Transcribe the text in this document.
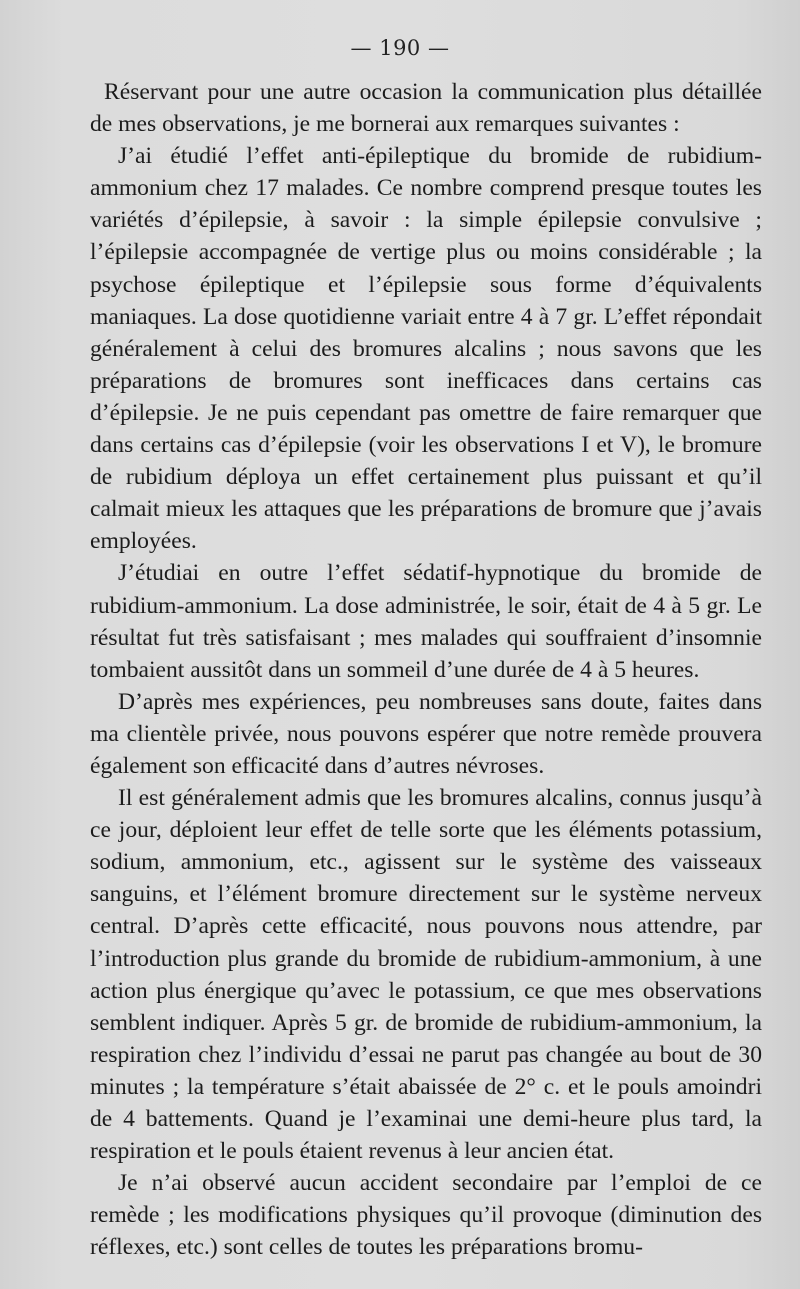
— 190 —

Réservant pour une autre occasion la communication plus détaillée de mes observations, je me bornerai aux remarques suivantes :

J’ai étudié l’effet anti-épileptique du bromide de rubidium-ammonium chez 17 malades. Ce nombre comprend presque toutes les variétés d’épilepsie, à savoir : la simple épilepsie convulsive ; l’épilepsie accompagnée de vertige plus ou moins considérable ; la psychose épileptique et l’épilepsie sous forme d’équivalents maniaques. La dose quotidienne variait entre 4 à 7 gr. L’effet répondait généralement à celui des bromures alcalins ; nous savons que les préparations de bromures sont inefficaces dans certains cas d’épilepsie. Je ne puis cependant pas omettre de faire remarquer que dans certains cas d’épilepsie (voir les observations I et V), le bromure de rubidium déploya un effet certainement plus puissant et qu’il calmait mieux les attaques que les préparations de bromure que j’avais employées.

J’étudiai en outre l’effet sédatif-hypnotique du bromide de rubidium-ammonium. La dose administrée, le soir, était de 4 à 5 gr. Le résultat fut très satisfaisant ; mes malades qui souffraient d’insomnie tombaient aussitôt dans un sommeil d’une durée de 4 à 5 heures.

D’après mes expériences, peu nombreuses sans doute, faites dans ma clientèle privée, nous pouvons espérer que notre remède prouvera également son efficacité dans d’autres névroses.

Il est généralement admis que les bromures alcalins, connus jusqu’à ce jour, déploient leur effet de telle sorte que les éléments potassium, sodium, ammonium, etc., agissent sur le système des vaisseaux sanguins, et l’élément bromure directement sur le système nerveux central. D’après cette efficacité, nous pouvons nous attendre, par l’introduction plus grande du bromide de rubidium-ammonium, à une action plus énergique qu’avec le potassium, ce que mes observations semblent indiquer. Après 5 gr. de bromide de rubidium-ammonium, la respiration chez l’individu d’essai ne parut pas changée au bout de 30 minutes ; la température s’était abaissée de 2° c. et le pouls amoindri de 4 battements. Quand je l’examinai une demi-heure plus tard, la respiration et le pouls étaient revenus à leur ancien état.

Je n’ai observé aucun accident secondaire par l’emploi de ce remède ; les modifications physiques qu’il provoque (diminution des réflexes, etc.) sont celles de toutes les préparations bromu-
